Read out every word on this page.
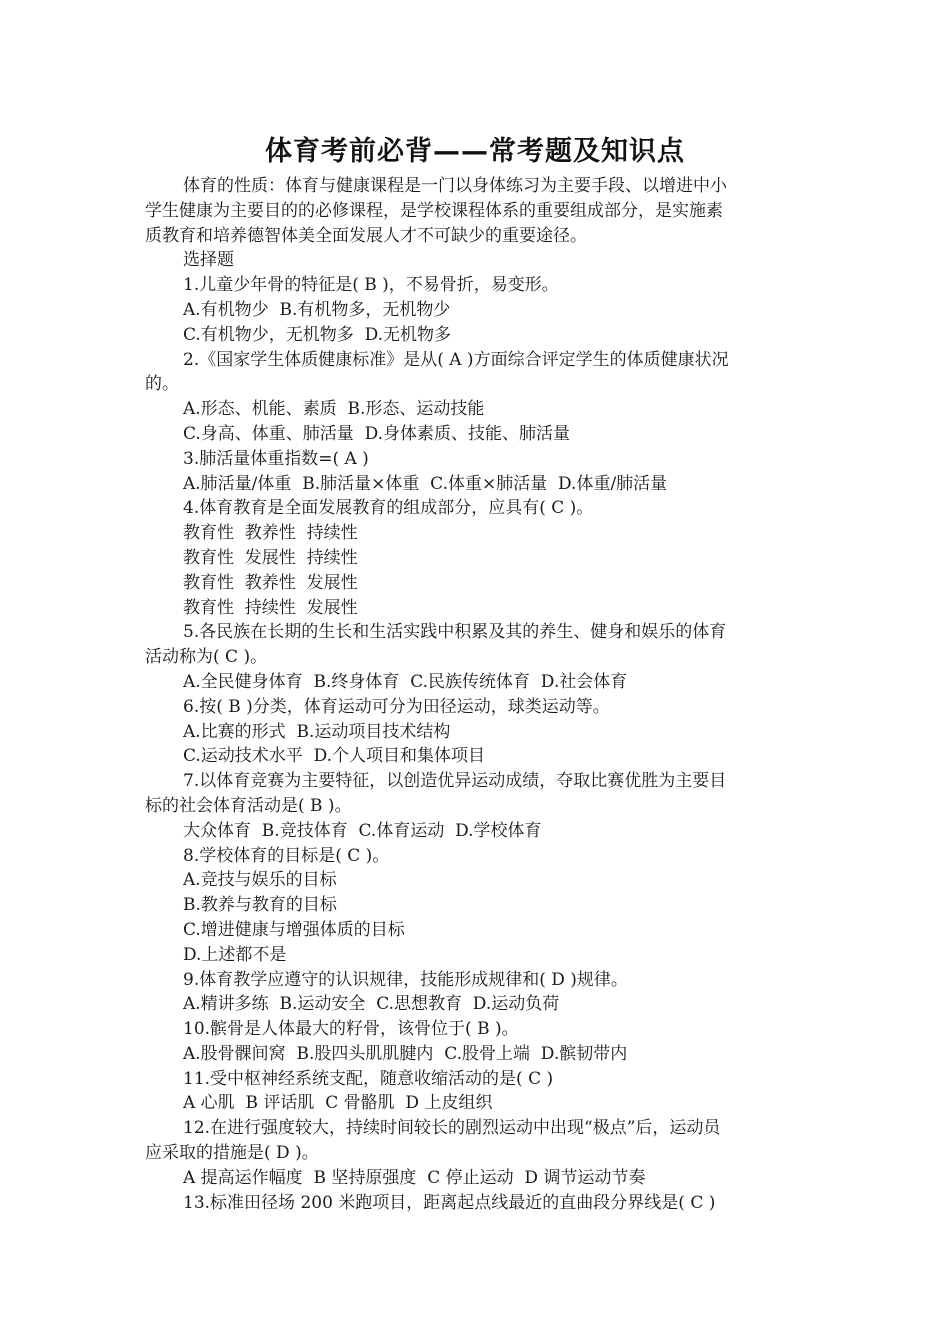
体育考前必背——常考题及知识点

体育的性质：体育与健康课程是一门以身体练习为主要手段、以增进中小

学生健康为主要目的的必修课程，是学校课程体系的重要组成部分，是实施素

质教育和培养德智体美全面发展人才不可缺少的重要途径。

选择题

1.儿童少年骨的特征是( B )，不易骨折，易变形。

A.有机物少  B.有机物多，无机物少

C.有机物少，无机物多  D.无机物多

2.《国家学生体质健康标准》是从( A )方面综合评定学生的体质健康状况

的。

A.形态、机能、素质  B.形态、运动技能

C.身高、体重、肺活量  D.身体素质、技能、肺活量

3.肺活量体重指数=( A )

A.肺活量/体重  B.肺活量×体重  C.体重×肺活量  D.体重/肺活量

4.体育教育是全面发展教育的组成部分，应具有( C )。

教育性  教养性  持续性

教育性  发展性  持续性

教育性  教养性  发展性

教育性  持续性  发展性

5.各民族在长期的生长和生活实践中积累及其的养生、健身和娱乐的体育

活动称为( C )。

A.全民健身体育  B.终身体育  C.民族传统体育  D.社会体育

6.按( B )分类，体育运动可分为田径运动，球类运动等。

A.比赛的形式  B.运动项目技术结构

C.运动技术水平  D.个人项目和集体项目

7.以体育竞赛为主要特征，以创造优异运动成绩，夺取比赛优胜为主要目

标的社会体育活动是( B )。

大众体育  B.竞技体育  C.体育运动  D.学校体育

8.学校体育的目标是( C )。

A.竞技与娱乐的目标

B.教养与教育的目标

C.增进健康与增强体质的目标

D.上述都不是

9.体育教学应遵守的认识规律，技能形成规律和( D )规律。

A.精讲多练  B.运动安全  C.思想教育  D.运动负荷

10.髌骨是人体最大的籽骨，该骨位于( B )。

A.股骨髁间窝  B.股四头肌肌腱内  C.股骨上端  D.髌韧带内

11.受中枢神经系统支配，随意收缩活动的是( C )

A 心肌  B 评话肌  C 骨骼肌  D 上皮组织

12.在进行强度较大，持续时间较长的剧烈运动中出现“极点”后，运动员

应采取的措施是( D )。

A 提高运作幅度  B 坚持原强度  C 停止运动  D 调节运动节奏

13.标准田径场 200 米跑项目，距离起点线最近的直曲段分界线是( C )
